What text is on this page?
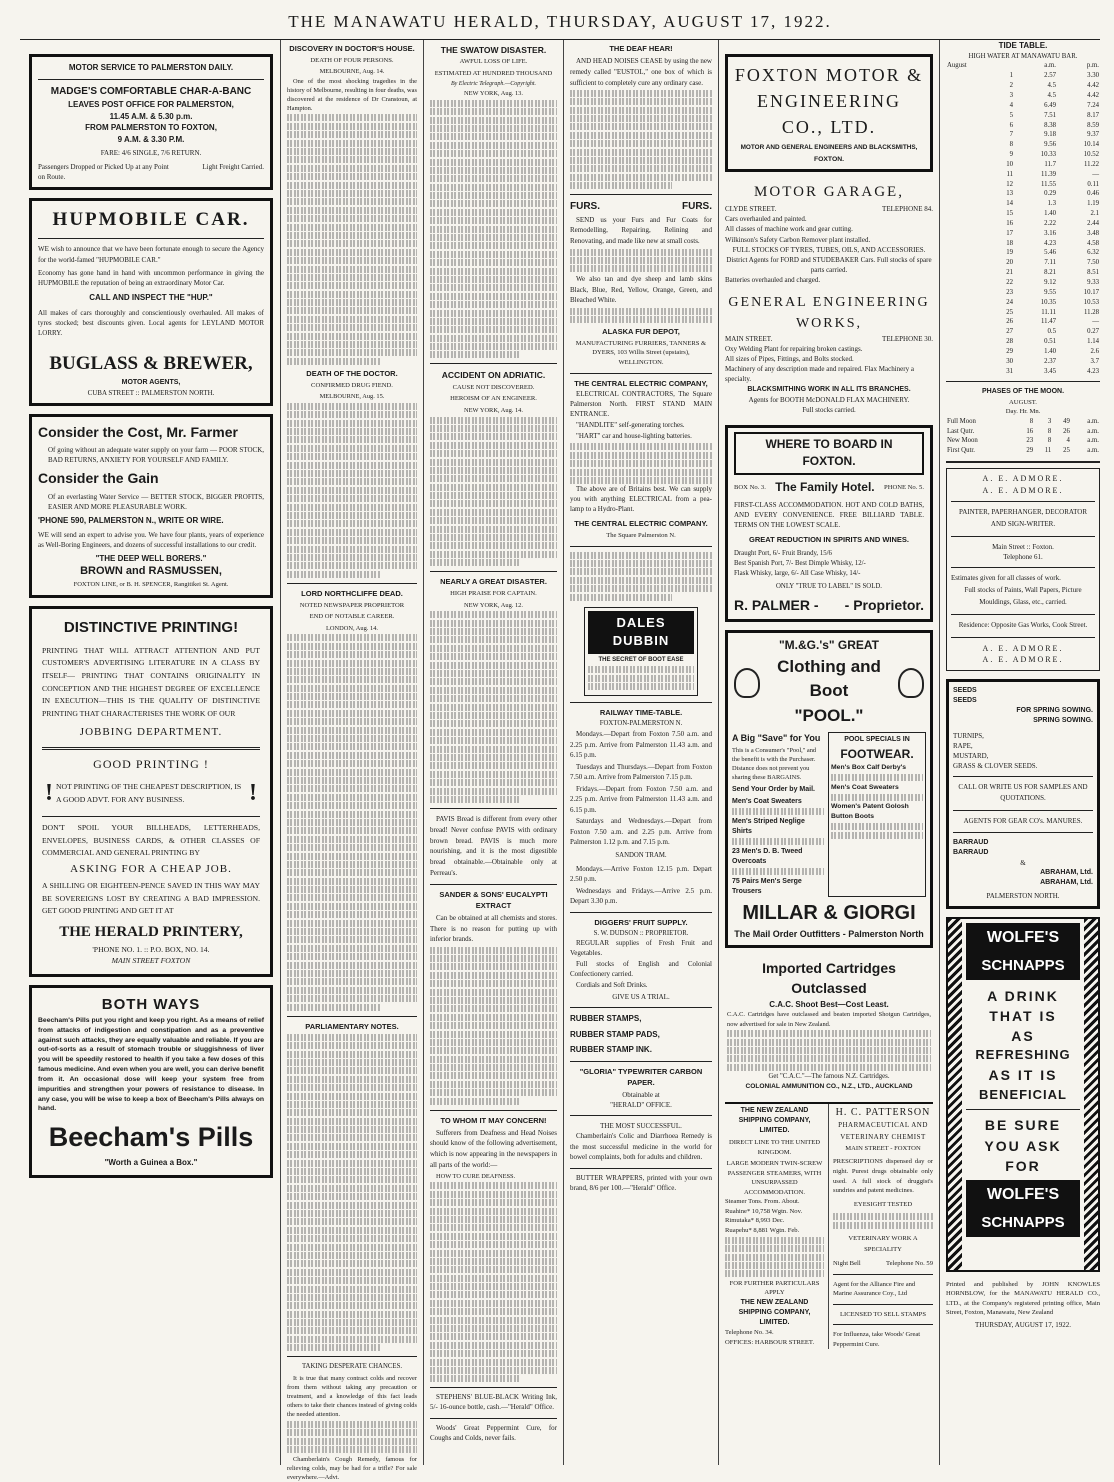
THE MANAWATU HERALD, THURSDAY, AUGUST 17, 1922.
MOTOR SERVICE TO PALMERSTON DAILY.
MADGE'S COMFORTABLE CHAR-A-BANC
LEAVES POST OFFICE FOR PALMERSTON,
11.45 A.M. & 5.30 p.m.
FROM PALMERSTON TO FOXTON,
9 A.M. & 3.30 P.M.
FARE: 4/6 SINGLE, 7/6 RETURN.
Passengers Dropped or Picked Up at any Point on Route.
Light Freight Carried.
HUPMOBILE CAR.
WE wish to announce that we have been fortunate enough to secure the Agency for the world-famed "HUPMOBILE CAR."
Economy has gone hand in hand with uncommon performance in giving the HUPMOBILE the reputation of being an extraordinary Motor Car.
CALL AND INSPECT THE "HUP."
All makes of cars thoroughly and conscientiously overhauled. All makes of tyres stocked; best discounts given. Local agents for LEYLAND MOTOR LORRY.
BUGLASS & BREWER,
MOTOR AGENTS,
CUBA STREET :: PALMERSTON NORTH.
Consider the Cost, Mr. Farmer
Of going without an adequate water supply on your farm — POOR STOCK, BAD RETURNS, ANXIETY FOR YOURSELF AND FAMILY.
Consider the Gain
Of an everlasting Water Service — BETTER STOCK, BIGGER PROFITS, EASIER AND MORE PLEASURABLE WORK.
'PHONE 590, PALMERSTON N., WRITE OR WIRE.
WE will send an expert to advise you. We have four plants, years of experience as Well-Boring Engineers, and dozens of successful installations to our credit.
"THE DEEP WELL BORERS."
BROWN and RASMUSSEN,
FOXTON LINE, or B. H. SPENCER, Rangitikei St. Agent.
DISTINCTIVE PRINTING!
PRINTING THAT WILL ATTRACT ATTENTION AND PUT CUSTOMER'S ADVERTISING LITERATURE IN A CLASS BY ITSELF— PRINTING THAT CONTAINS ORIGINALITY IN CONCEPTION AND THE HIGHEST DEGREE OF EXCELLENCE IN EXECUTION—THIS IS THE QUALITY OF DISTINCTIVE PRINTING THAT CHARACTERISES THE WORK OF OUR
JOBBING DEPARTMENT.
GOOD PRINTING !
! NOT PRINTING OF THE CHEAPEST DESCRIPTION, IS A GOOD ADVT. FOR ANY BUSINESS.	!
DON'T SPOIL YOUR BILLHEADS, LETTERHEADS, ENVELOPES, BUSINESS CARDS, & OTHER CLASSES OF COMMERCIAL AND GENERAL PRINTING BY
ASKING FOR A CHEAP JOB.
A SHILLING OR EIGHTEEN-PENCE SAVED IN THIS WAY MAY BE SOVEREIGNS LOST BY CREATING A BAD IMPRESSION. GET GOOD PRINTING AND GET IT AT
THE HERALD PRINTERY,
'PHONE NO. 1. :: P.O. BOX, NO. 14.
MAIN STREET FOXTON
BOTH WAYS
Beecham's Pills put you right and keep you right. As a means of relief from attacks of indigestion and constipation and as a preventive against such attacks, they are equally valuable and reliable. If you are out-of-sorts as a result of stomach trouble or sluggishness of liver you will be speedily restored to health if you take a few doses of this famous medicine. And even when you are well, you can derive benefit from it. An occasional dose will keep your system free from impurities and strengthen your powers of resistance to disease. In any case, you will be wise to keep a box of Beecham's Pills always on hand.
Beecham's Pills
"Worth a Guinea a Box."
DISCOVERY IN DOCTOR'S HOUSE.
DEATH OF FOUR PERSONS.
MELBOURNE, Aug. 14.
One of the most shocking tragedies in the history of Melbourne, resulting in four deaths, was discovered at the residence of Dr Cranstoun, at Hampton.
DEATH OF THE DOCTOR.
CONFIRMED DRUG FIEND.
MELBOURNE, Aug. 15.
LORD NORTHCLIFFE DEAD.
NOTED NEWSPAPER PROPRIETOR
END OF NOTABLE CAREER.
LONDON, Aug. 14.
PARLIAMENTARY NOTES.
TAKING DESPERATE CHANCES.
It is true that many contract colds and recover from them without taking any precaution or treatment, and a knowledge of this fact leads others to take their chances instead of giving colds the needed attention.
Chamberlain's Cough Remedy, famous for relieving colds, may be had for a trifle? For sale everywhere.—Advt.
THE SWATOW DISASTER.
AWFUL LOSS OF LIFE.
ESTIMATED AT HUNDRED THOUSAND
By Electric Telegraph.—Copyright.
NEW YORK, Aug. 13.
ACCIDENT ON ADRIATIC.
CAUSE NOT DISCOVERED.
HEROISM OF AN ENGINEER.
NEW YORK, Aug. 14.
NEARLY A GREAT DISASTER.
HIGH PRAISE FOR CAPTAIN.
NEW YORK, Aug. 12.
PAVIS Bread is different from every other bread! Never confuse PAVIS with ordinary brown bread. PAVIS is much more nourishing, and it is the most digestible bread obtainable.—Obtainable only at Perreau's.
SANDER & SONS' EUCALYPTI EXTRACT
Can be obtained at all chemists and stores. There is no reason for putting up with inferior brands.
TO WHOM IT MAY CONCERN!
Sufferers from Deafness and Head Noises should know of the following advertisement, which is now appearing in the newspapers in all parts of the world:—
HOW TO CURE DEAFNESS.
STEPHENS' BLUE-BLACK Writing Ink, 5/- 16-ounce bottle, cash.—"Herald" Office.
Woods' Great Peppermint Cure, for Coughs and Colds, never fails.
THE DEAF HEAR!
AND HEAD NOISES CEASE by using the new remedy called "EUSTOL," one box of which is sufficient to completely cure any ordinary case.
FURS.	FURS.
SEND us your Furs and Fur Coats for Remodelling, Repairing, Relining and Renovating, and made like new at small costs.
We also tan and dye sheep and lamb skins Black, Blue, Red, Yellow, Orange, Green, and Bleached White.
ALASKA FUR DEPOT,
MANUFACTURING FURRIERS, TANNERS & DYERS, 103 Willis Street (upstairs), WELLINGTON.
THE CENTRAL ELECTRIC COMPANY,
ELECTRICAL CONTRACTORS, The Square Palmerston North. FIRST STAND MAIN ENTRANCE.
"HANDLITE" self-generating torches.
"HART" car and house-lighting batteries.
The above are of Britains best. We can supply you with anything ELECTRICAL from a pea-lamp to a Hydro-Plant.
THE CENTRAL ELECTRIC COMPANY.
The Square Palmerston N.
DALES DUBBIN
THE SECRET OF BOOT EASE
RAILWAY TIME-TABLE.
FOXTON-PALMERSTON N.
Mondays.—Depart from Foxton 7.50 a.m. and 2.25 p.m. Arrive from Palmerston 11.43 a.m. and 6.15 p.m.
Tuesdays and Thursdays.—Depart from Foxton 7.50 a.m. Arrive from Palmerston 7.15 p.m.
Fridays.—Depart from Foxton 7.50 a.m. and 2.25 p.m. Arrive from Palmerston 11.43 a.m. and 6.15 p.m.
Saturdays and Wednesdays.—Depart from Foxton 7.50 a.m. and 2.25 p.m. Arrive from Palmerston 1.12 p.m. and 7.15 p.m.
SANDON TRAM.
Mondays.—Arrive Foxton 12.15 p.m. Depart 2.50 p.m.
Wednesdays and Fridays.—Arrive 2.5 p.m. Depart 3.30 p.m.
DIGGERS' FRUIT SUPPLY.
S. W. DUDSON :: PROPRIETOR.
REGULAR supplies of Fresh Fruit and Vegetables.
Full stocks of English and Colonial Confectionery carried.
Cordials and Soft Drinks.
GIVE US A TRIAL.
RUBBER STAMPS,
RUBBER STAMP PADS,
RUBBER STAMP INK.
"GLORIA" TYPEWRITER CARBON PAPER.
Obtainable at
"HERALD" OFFICE.
THE MOST SUCCESSFUL.
Chamberlain's Colic and Diarrhoea Remedy is the most successful medicine in the world for bowel complaints, both for adults and children.
BUTTER WRAPPERS, printed with your own brand, 8/6 per 100.—"Herald" Office.
FOXTON MOTOR &
ENGINEERING
CO., LTD.
MOTOR AND GENERAL ENGINEERS AND BLACKSMITHS,
FOXTON.
MOTOR GARAGE,
CLYDE STREET.	TELEPHONE 84.
Cars overhauled and painted.
All classes of machine work and gear cutting.
Wilkinson's Safety Carbon Remover plant installed.
FULL STOCKS OF TYRES, TUBES, OILS, AND ACCESSORIES.
District Agents for FORD and STUDEBAKER Cars. Full stocks of spare parts carried.
Batteries overhauled and charged.
GENERAL ENGINEERING WORKS,
MAIN STREET.	TELEPHONE 30.
Oxy Welding Plant for repairing broken castings.
All sizes of Pipes, Fittings, and Bolts stocked.
Machinery of any description made and repaired. Flax Machinery a specialty.
BLACKSMITHING WORK IN ALL ITS BRANCHES.
Agents for BOOTH McDONALD FLAX MACHINERY.
Full stocks carried.
WHERE TO BOARD IN FOXTON.
BOX No. 3. The Family Hotel. PHONE No. 5.
FIRST-CLASS ACCOMMODATION. HOT AND COLD BATHS, AND EVERY CONVENIENCE. FREE BILLIARD TABLE. TERMS ON THE LOWEST SCALE.
GREAT REDUCTION IN SPIRITS AND WINES.
Draught Port, 6/- Fruit Brandy, 15/6
Best Spanish Port, 7/- Best Dimple Whisky, 12/-
Flask Whisky, large, 6/- All Case Whisky, 14/-
ONLY "TRUE TO LABEL" IS SOLD.
R. PALMER - - Proprietor.
"M.&G.'s" GREAT
Clothing and Boot
"POOL."
A Big "Save" for You
This is a Consumer's "Pool," and the benefit is with the Purchaser. Distance does not prevent you sharing these BARGAINS.
Send Your Order by Mail.
Men's Coat Sweaters
Men's Striped Neglige Shirts
23 Men's D. B. Tweed Overcoats
75 Pairs Men's Serge Trousers
POOL SPECIALS IN
FOOTWEAR.
Men's Box Calf Derby's
Men's Coat Sweaters
Women's Patent Golosh Button Boots
MILLAR & GIORGI
The Mail Order Outfitters - Palmerston North
Imported Cartridges
Outclassed
C.A.C. Shoot Best—Cost Least.
C.A.C. Cartridges have outclassed and beaten imported Shotgun Cartridges, now advertised for sale in New Zealand.
Get "C.A.C."—The famous N.Z. Cartridges.
COLONIAL AMMUNITION CO., N.Z., LTD., AUCKLAND
THE NEW ZEALAND SHIPPING COMPANY, LIMITED.
DIRECT LINE TO THE UNITED KINGDOM.
LARGE MODERN TWIN-SCREW PASSENGER STEAMERS, WITH UNSURPASSED ACCOMMODATION.
Steamer Tons. From. About.
Ruahine* 10,758 Wgtn. Nov.
Rimutaka* 8,993 Dec.
Ruapehu* 8,881 Wgtn. Feb.
FOR FURTHER PARTICULARS APPLY
THE NEW ZEALAND SHIPPING COMPANY, LIMITED.
Telephone No. 34.
OFFICES: HARBOUR STREET.
H. C. PATTERSON
PHARMACEUTICAL AND VETERINARY CHEMIST
MAIN STREET - FOXTON
PRESCRIPTIONS dispensed day or night. Purest drugs obtainable only used. A full stock of druggist's sundries and patent medicines.
EYESIGHT TESTED
VETERINARY WORK A SPECIALITY
Night Bell	Telephone No. 59
Agent for the Alliance Fire and Marine Assurance Coy., Ltd
LICENSED TO SELL STAMPS
For Influenza, take Woods' Great Peppermint Cure.
TIDE TABLE.
HIGH WATER AT MANAWATU BAR.
August		a.m.	p.m.
	1	2.57	3.30
	2	4.5	4.42
	3	4.5	4.42
	4	6.49	7.24
	5	7.51	8.17
	6	8.38	8.59
	7	9.18	9.37
	8	9.56	10.14
	9	10.33	10.52
	10	11.7	11.22
	11	11.39	—
	12	11.55	0.11
	13	0.29	0.46
	14	1.3	1.19
	15	1.40	2.1
	16	2.22	2.44
	17	3.16	3.48
	18	4.23	4.58
	19	5.46	6.32
	20	7.11	7.50
	21	8.21	8.51
	22	9.12	9.33
	23	9.55	10.17
	24	10.35	10.53
	25	11.11	11.28
	26	11.47	—
	27	0.5	0.27
	28	0.51	1.14
	29	1.40	2.6
	30	2.37	3.7
	31	3.45	4.23
PHASES OF THE MOON.
AUGUST.
Day. Hr. Mn.
Full Moon	8	3	49	a.m.
Last Qutr.	16	8	26	a.m.
New Moon	23	8	4	a.m.
First Qutr.	29	11	25	a.m.
A. E. ADMORE.
A. E. ADMORE.
PAINTER, PAPERHANGER, DECORATOR AND SIGN-WRITER.
Main Street :: Foxton.
Telephone 61.
Estimates given for all classes of work.
Full stocks of Paints, Wall Papers, Picture Mouldings, Glass, etc., carried.
Residence: Opposite Gas Works, Cook Street.
A. E. ADMORE.
A. E. ADMORE.
SEEDS
SEEDS
FOR SPRING SOWING.
SPRING SOWING.
TURNIPS,
RAPE,
MUSTARD,
GRASS & CLOVER SEEDS.
CALL OR WRITE US FOR SAMPLES AND QUOTATIONS.
AGENTS FOR GEAR CO's. MANURES.
BARRAUD
BARRAUD
&
ABRAHAM, Ltd.
ABRAHAM, Ltd.
PALMERSTON NORTH.
WOLFE'S
SCHNAPPS
A DRINK
THAT IS
AS
REFRESHING
AS IT IS
BENEFICIAL
BE SURE
YOU ASK
FOR
WOLFE'S
SCHNAPPS
Printed and published by JOHN KNOWLES HORNBLOW, for the MANAWATU HERALD CO., LTD., at the Company's registered printing office, Main Street, Foxton, Manawatu, New Zealand
THURSDAY, AUGUST 17, 1922.
